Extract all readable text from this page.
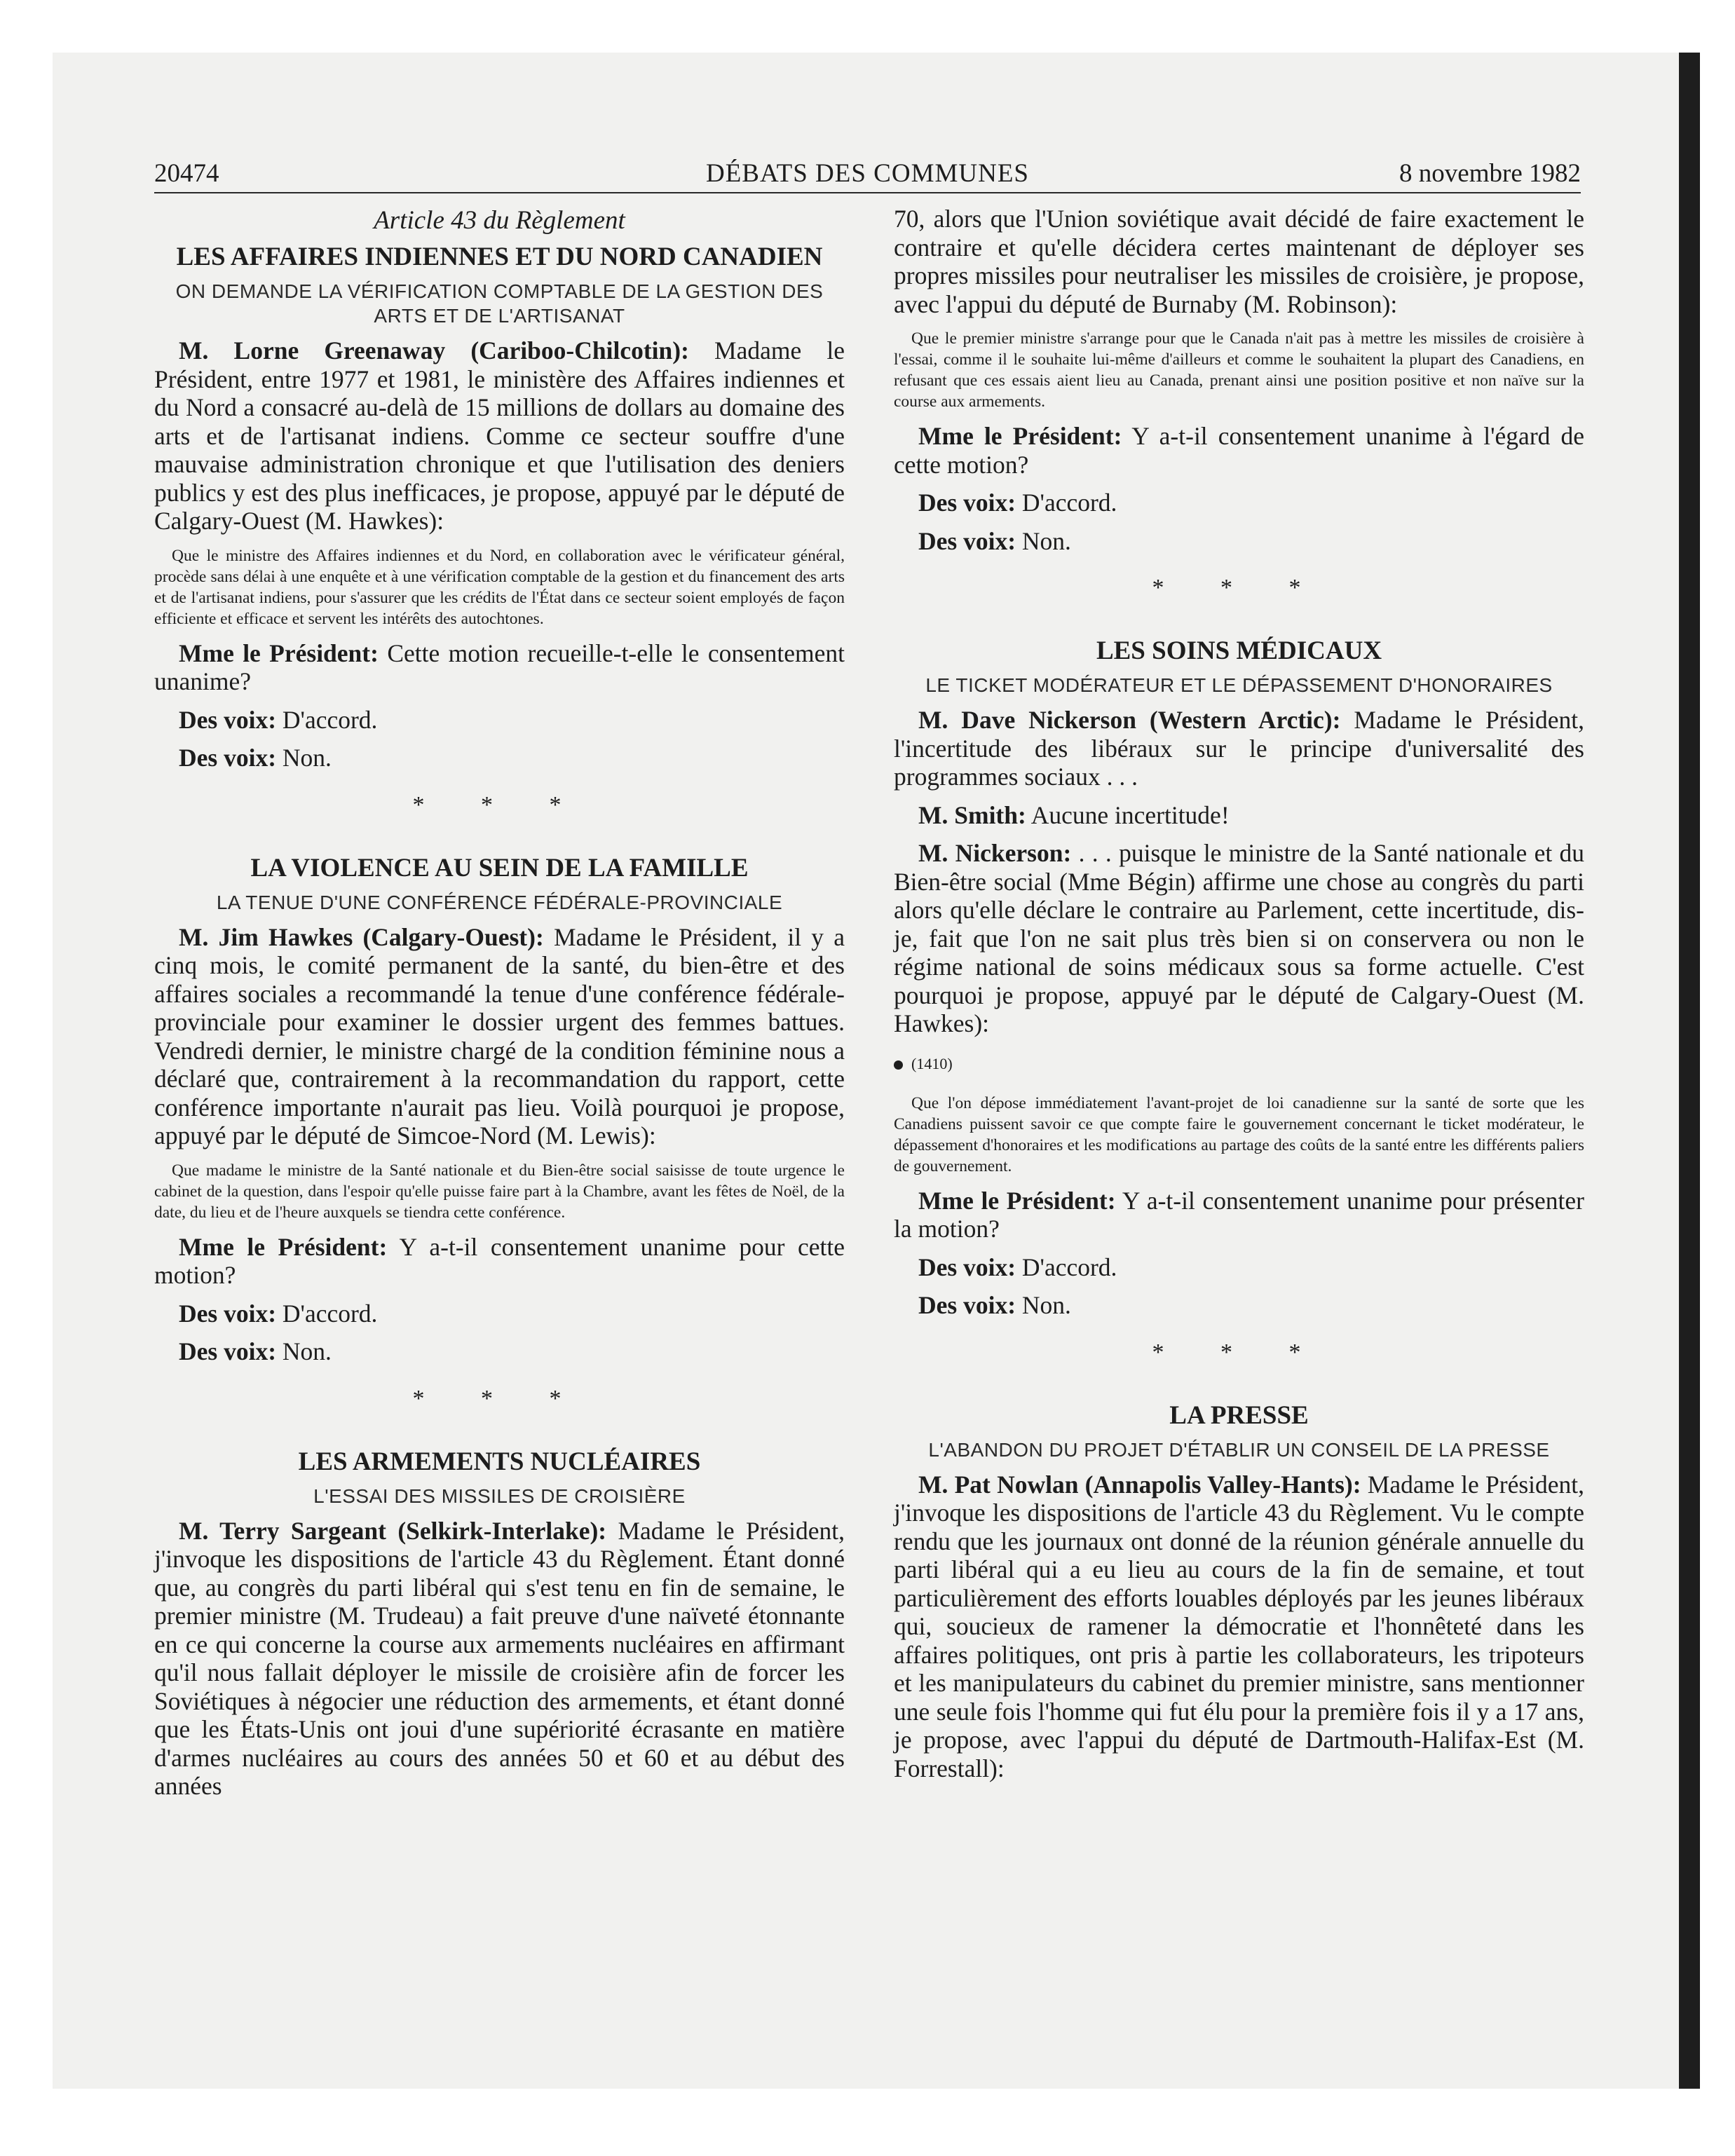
20474	DÉBATS DES COMMUNES	8 novembre 1982

Article 43 du Règlement

LES AFFAIRES INDIENNES ET DU NORD CANADIEN

ON DEMANDE LA VÉRIFICATION COMPTABLE DE LA GESTION DES ARTS ET DE L'ARTISANAT

M. Lorne Greenaway (Cariboo-Chilcotin): Madame le Président, entre 1977 et 1981, le ministère des Affaires indiennes et du Nord a consacré au-delà de 15 millions de dollars au domaine des arts et de l'artisanat indiens. Comme ce secteur souffre d'une mauvaise administration chronique et que l'utilisation des deniers publics y est des plus inefficaces, je propose, appuyé par le député de Calgary-Ouest (M. Hawkes):

Que le ministre des Affaires indiennes et du Nord, en collaboration avec le vérificateur général, procède sans délai à une enquête et à une vérification comptable de la gestion et du financement des arts et de l'artisanat indiens, pour s'assurer que les crédits de l'État dans ce secteur soient employés de façon efficiente et efficace et servent les intérêts des autochtones.

Mme le Président: Cette motion recueille-t-elle le consentement unanime?

Des voix: D'accord.

Des voix: Non.

* * *

LA VIOLENCE AU SEIN DE LA FAMILLE

LA TENUE D'UNE CONFÉRENCE FÉDÉRALE-PROVINCIALE

M. Jim Hawkes (Calgary-Ouest): Madame le Président, il y a cinq mois, le comité permanent de la santé, du bien-être et des affaires sociales a recommandé la tenue d'une conférence fédérale-provinciale pour examiner le dossier urgent des femmes battues. Vendredi dernier, le ministre chargé de la condition féminine nous a déclaré que, contrairement à la recommandation du rapport, cette conférence importante n'aurait pas lieu. Voilà pourquoi je propose, appuyé par le député de Simcoe-Nord (M. Lewis):

Que madame le ministre de la Santé nationale et du Bien-être social saisisse de toute urgence le cabinet de la question, dans l'espoir qu'elle puisse faire part à la Chambre, avant les fêtes de Noël, de la date, du lieu et de l'heure auxquels se tiendra cette conférence.

Mme le Président: Y a-t-il consentement unanime pour cette motion?

Des voix: D'accord.

Des voix: Non.

* * *

LES ARMEMENTS NUCLÉAIRES

L'ESSAI DES MISSILES DE CROISIÈRE

M. Terry Sargeant (Selkirk-Interlake): Madame le Président, j'invoque les dispositions de l'article 43 du Règlement. Étant donné que, au congrès du parti libéral qui s'est tenu en fin de semaine, le premier ministre (M. Trudeau) a fait preuve d'une naïveté étonnante en ce qui concerne la course aux armements nucléaires en affirmant qu'il nous fallait déployer le missile de croisière afin de forcer les Soviétiques à négocier une réduction des armements, et étant donné que les États-Unis ont joui d'une supériorité écrasante en matière d'armes nucléaires au cours des années 50 et 60 et au début des années

70, alors que l'Union soviétique avait décidé de faire exactement le contraire et qu'elle décidera certes maintenant de déployer ses propres missiles pour neutraliser les missiles de croisière, je propose, avec l'appui du député de Burnaby (M. Robinson):

Que le premier ministre s'arrange pour que le Canada n'ait pas à mettre les missiles de croisière à l'essai, comme il le souhaite lui-même d'ailleurs et comme le souhaitent la plupart des Canadiens, en refusant que ces essais aient lieu au Canada, prenant ainsi une position positive et non naïve sur la course aux armements.

Mme le Président: Y a-t-il consentement unanime à l'égard de cette motion?

Des voix: D'accord.

Des voix: Non.

* * *

LES SOINS MÉDICAUX

LE TICKET MODÉRATEUR ET LE DÉPASSEMENT D'HONORAIRES

M. Dave Nickerson (Western Arctic): Madame le Président, l'incertitude des libéraux sur le principe d'universalité des programmes sociaux . . .

M. Smith: Aucune incertitude!

M. Nickerson: . . . puisque le ministre de la Santé nationale et du Bien-être social (Mme Bégin) affirme une chose au congrès du parti alors qu'elle déclare le contraire au Parlement, cette incertitude, dis-je, fait que l'on ne sait plus très bien si on conservera ou non le régime national de soins médicaux sous sa forme actuelle. C'est pourquoi je propose, appuyé par le député de Calgary-Ouest (M. Hawkes):

(1410)

Que l'on dépose immédiatement l'avant-projet de loi canadienne sur la santé de sorte que les Canadiens puissent savoir ce que compte faire le gouvernement concernant le ticket modérateur, le dépassement d'honoraires et les modifications au partage des coûts de la santé entre les différents paliers de gouvernement.

Mme le Président: Y a-t-il consentement unanime pour présenter la motion?

Des voix: D'accord.

Des voix: Non.

* * *

LA PRESSE

L'ABANDON DU PROJET D'ÉTABLIR UN CONSEIL DE LA PRESSE

M. Pat Nowlan (Annapolis Valley-Hants): Madame le Président, j'invoque les dispositions de l'article 43 du Règlement. Vu le compte rendu que les journaux ont donné de la réunion générale annuelle du parti libéral qui a eu lieu au cours de la fin de semaine, et tout particulièrement des efforts louables déployés par les jeunes libéraux qui, soucieux de ramener la démocratie et l'honnêteté dans les affaires politiques, ont pris à partie les collaborateurs, les tripoteurs et les manipulateurs du cabinet du premier ministre, sans mentionner une seule fois l'homme qui fut élu pour la première fois il y a 17 ans, je propose, avec l'appui du député de Dartmouth-Halifax-Est (M. Forrestall):
